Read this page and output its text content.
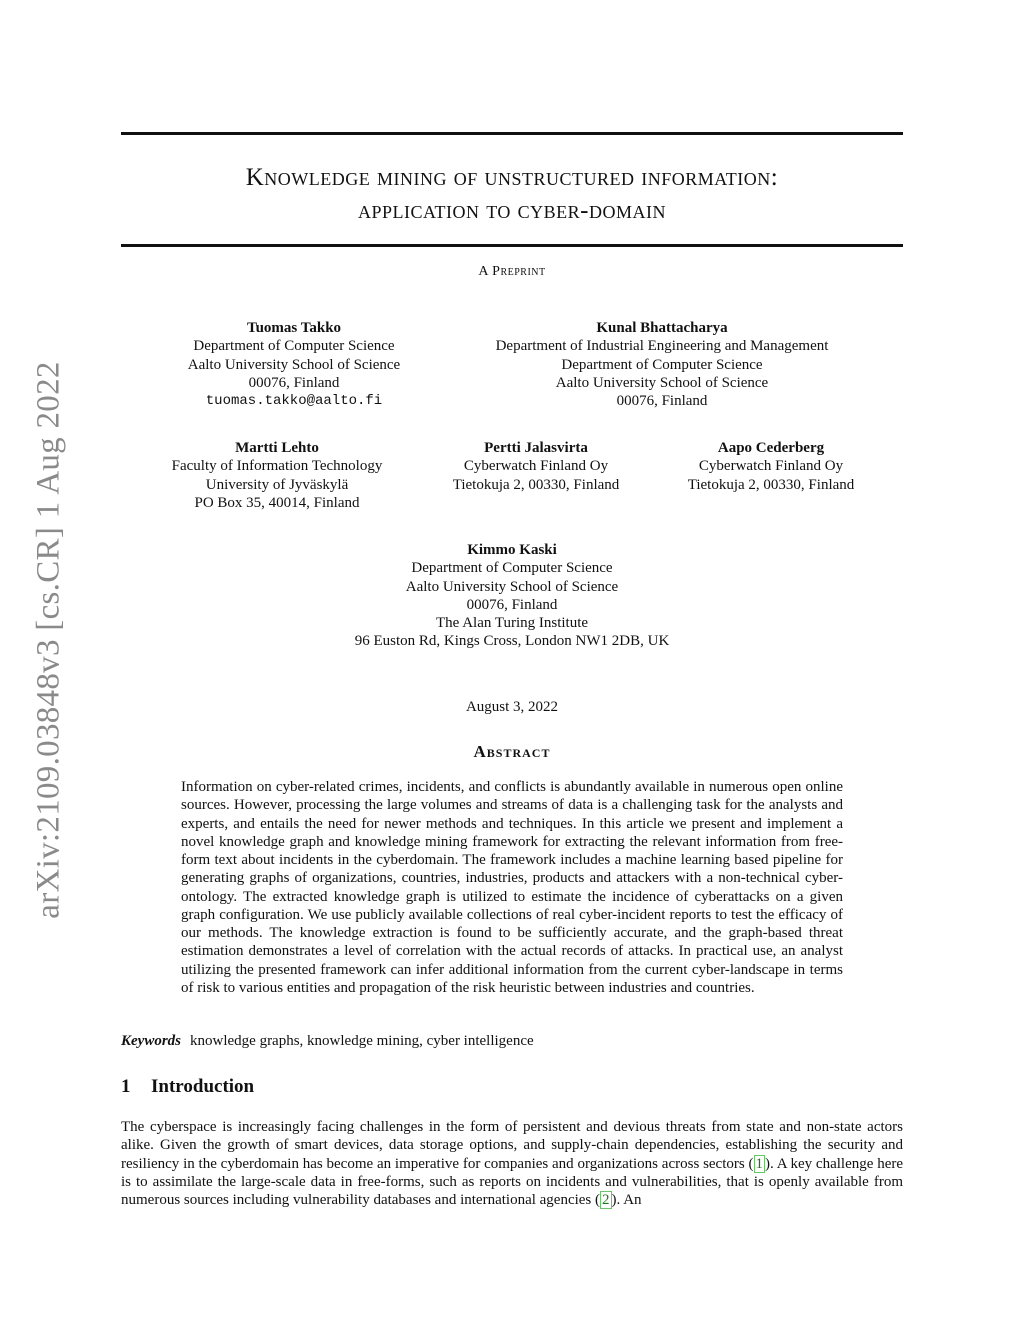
arXiv:2109.03848v3 [cs.CR] 1 Aug 2022
Knowledge mining of unstructured information:
application to cyber-domain
A Preprint
Tuomas Takko
Department of Computer Science
Aalto University School of Science
00076, Finland
tuomas.takko@aalto.fi
Kunal Bhattacharya
Department of Industrial Engineering and Management
Department of Computer Science
Aalto University School of Science
00076, Finland
Martti Lehto
Faculty of Information Technology
University of Jyväskylä
PO Box 35, 40014, Finland
Pertti Jalasvirta
Cyberwatch Finland Oy
Tietokuja 2, 00330, Finland
Aapo Cederberg
Cyberwatch Finland Oy
Tietokuja 2, 00330, Finland
Kimmo Kaski
Department of Computer Science
Aalto University School of Science
00076, Finland
The Alan Turing Institute
96 Euston Rd, Kings Cross, London NW1 2DB, UK
August 3, 2022
Abstract

Information on cyber-related crimes, incidents, and conflicts is abundantly available in numerous open online sources. However, processing the large volumes and streams of data is a challenging task for the analysts and experts, and entails the need for newer methods and techniques. In this article we present and implement a novel knowledge graph and knowledge mining framework for extracting the relevant information from free-form text about incidents in the cyberdomain. The framework includes a machine learning based pipeline for generating graphs of organizations, countries, industries, products and attackers with a non-technical cyber-ontology. The extracted knowledge graph is utilized to estimate the incidence of cyberattacks on a given graph configuration. We use publicly available collections of real cyber-incident reports to test the efficacy of our methods. The knowledge extraction is found to be sufficiently accurate, and the graph-based threat estimation demonstrates a level of correlation with the actual records of attacks. In practical use, an analyst utilizing the presented framework can infer additional information from the current cyber-landscape in terms of risk to various entities and propagation of the risk heuristic between industries and countries.

Keywords knowledge graphs, knowledge mining, cyber intelligence
1 Introduction

The cyberspace is increasingly facing challenges in the form of persistent and devious threats from state and non-state actors alike. Given the growth of smart devices, data storage options, and supply-chain dependencies, establishing the security and resiliency in the cyberdomain has become an imperative for companies and organizations across sectors ( 1 ). A key challenge here is to assimilate the large-scale data in free-forms, such as reports on incidents and vulnerabilities, that is openly available from numerous sources including vulnerability databases and international agencies ( 2 ). An
